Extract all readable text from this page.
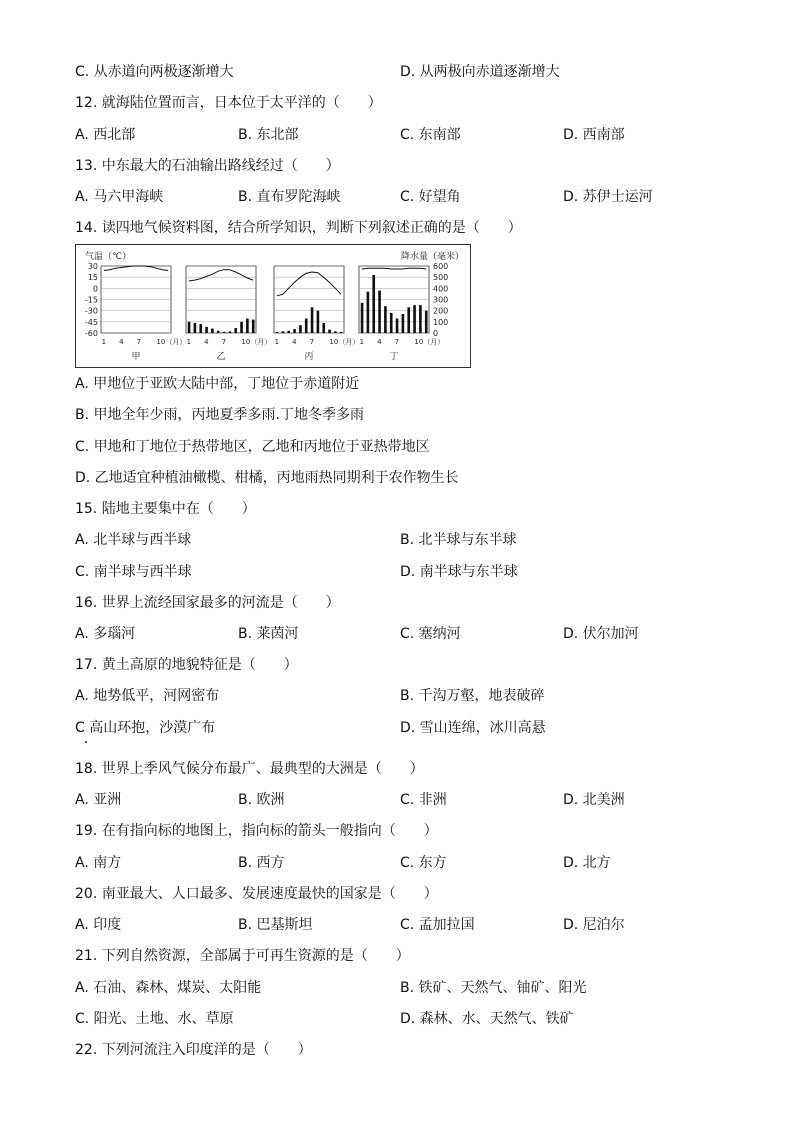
C. 从赤道向两极逐渐增大	D. 从两极向赤道逐渐增大
12. 就海陆位置而言，日本位于太平洋的（　　）
A. 西北部	B. 东北部	C. 东南部	D. 西南部
13. 中东最大的石油输出路线经过（　　）
A. 马六甲海峡	B. 直布罗陀海峡	C. 好望角	D. 苏伊士运河
14. 读四地气候资料图，结合所学知识，判断下列叙述正确的是（　　）
气温（℃）	降水量（毫米）
30
15
0
-15
-30
-45
-60
600
500
400
300
200
100
0
1 4 7 10（月）
甲
1 4 7 10（月）
乙
1 4 7 10（月）
丙
1 4 7 10（月）
丁
A. 甲地位于亚欧大陆中部，丁地位于赤道附近
B. 甲地全年少雨，丙地夏季多雨.丁地冬季多雨
C. 甲地和丁地位于热带地区，乙地和丙地位于亚热带地区
D. 乙地适宜种植油橄榄、柑橘，丙地雨热同期利于农作物生长
15. 陆地主要集中在（　　）
A. 北半球与西半球	B. 北半球与东半球
C. 南半球与西半球	D. 南半球与东半球
16. 世界上流经国家最多的河流是（　　）
A. 多瑙河	B. 莱茵河	C. 塞纳河	D. 伏尔加河
17. 黄土高原的地貌特征是（　　）
A. 地势低平，河网密布	B. 千沟万壑，地表破碎
C 高山环抱，沙漠广布	D. 雪山连绵，冰川高悬
18. 世界上季风气候分布最广、最典型的大洲是（　　）
A. 亚洲	B. 欧洲	C. 非洲	D. 北美洲
19. 在有指向标的地图上，指向标的箭头一般指向（　　）
A. 南方	B. 西方	C. 东方	D. 北方
20. 南亚最大、人口最多、发展速度最快的国家是（　　）
A. 印度	B. 巴基斯坦	C. 孟加拉国	D. 尼泊尔
21. 下列自然资源，全部属于可再生资源的是（　　）
A. 石油、森林、煤炭、太阳能	B. 铁矿、天然气、铀矿、阳光
C. 阳光、土地、水、草原	D. 森林、水、天然气、铁矿
22. 下列河流注入印度洋的是（　　）
